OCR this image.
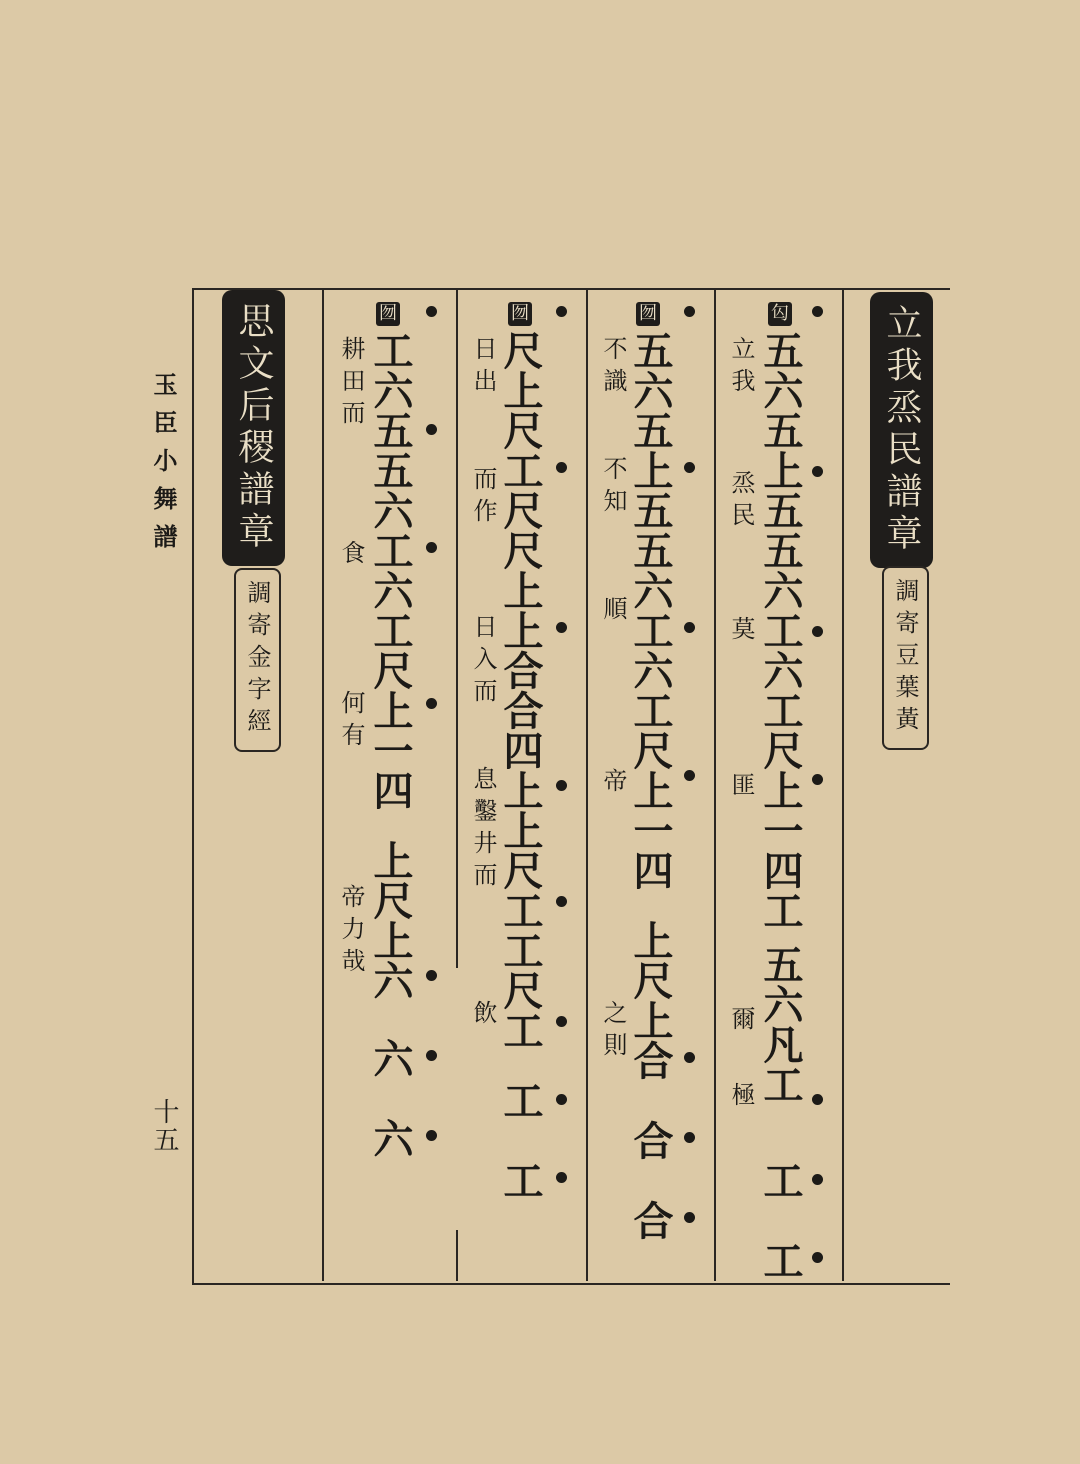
玉臣小舞譜
十五
立我烝民譜章
調寄豆葉黃
匃
五六五上五五六工六工尺上一四工
五六凡工
工
工
立我
烝民
莫
匪
爾
極
囫
五六五上五五六工六工尺上一四
上尺上合
合
合
不識
不知
順
帝
之則
囫
尺上尺工尺尺上上合合四上上尺工工尺工
工
工
日出
而作
日入而
息鑿井而
飲
囫
工六五五六工六工尺上一四
上尺上六
六
六
耕田而
食
何有
帝力哉
思文后稷譜章
調寄金字經
